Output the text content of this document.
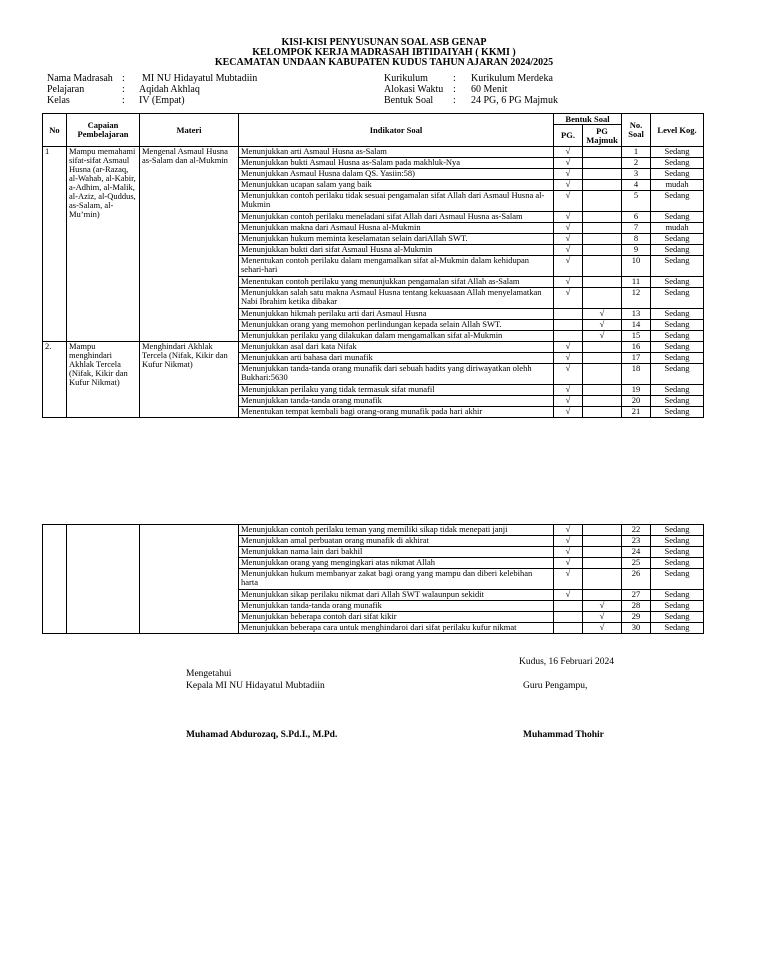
KISI-KISI PENYUSUNAN SOAL ASB GENAP
KELOMPOK KERJA MADRASAH IBTIDAIYAH ( KKMI )
KECAMATAN UNDAAN KABUPATEN KUDUS TAHUN AJARAN 2024/2025
Nama Madrasah : MI NU Hidayatul Mubtadiin
Pelajaran	: Aqidah Akhlaq
Kelas	: IV (Empat)
Kurikulum	: Kurikulum Merdeka
Alokasi Waktu : 60 Menit
Bentuk Soal : 24 PG, 6 PG Majmuk
No	Capaian Pembelajaran	Materi	Indikator Soal	Bentuk Soal		No. Soal	Level Kog.
				PG.	PG Majmuk		
1	Mampu memahami sifat-sifat Asmaul Husna (ar-Razaq, al-Wahab, al-Kabir, a-Adhim, al-Malik, al-Aziz, al-Quddus, as-Salam, al-Mu’min)	Mengenal Asmaul Husna as-Salam dan al-Mukmin	Menunjukkan arti Asmaul Husna as-Salam	√		1	Sedang
			Menunjukkan bukti Asmaul Husna as-Salam pada makhluk-Nya	√		2	Sedang
			Menunjukkan Asmaul Husna dalam QS. Yasiin:58)	√		3	Sedang
			Menunjukkan ucapan salam yang baik	√		4	mudah
			Menunjukkan contoh perilaku tidak sesuai pengamalan sifat Allah dari Asmaul Husna al-Mukmin	√		5	Sedang
			Menunjukkan contoh perilaku meneladani sifat Allah dari Asmaul Husna as-Salam	√		6	Sedang
			Menunjukkan makna dari Asmaul Husna al-Mukmin	√		7	mudah
			Menunjukkan hukum meminta keselamatan selain dariAllah SWT.	√		8	Sedang
			Menunjukkan bukti dari sifat Asmaul Husna al-Mukmin	√		9	Sedang
			Menentukan contoh perilaku dalam mengamalkan sifat al-Mukmin dalam kehidupan sehari-hari	√		10	Sedang
			Menentukan contoh perilaku yang menunjukkan pengamalan sifat Allah as-Salam	√		11	Sedang
			Menunjukkan salah satu makna Asmaul Husna tentang kekuasaan Allah menyelamatkan Nabi Ibrahim ketika dibakar	√		12	Sedang
			Menunjukkan hikmah perilaku arti dari Asmaul Husna		√	13	Sedang
			Menunjukkan orang yang memohon perlindungan kepada selain Allah SWT.		√	14	Sedang
			Menunjukkan perilaku yang dilakukan dalam mengamalkan sifat al-Mukmin		√	15	Sedang
2.	Mampu menghindari Akhlak Tercela (Nifak, Kikir dan Kufur Nikmat)	Menghindari Akhlak Tercela (Nifak, Kikir dan Kufur Nikmat)	Menunjukkan asal dari kata Nifak	√		16	Sedang
			Menunjukkan arti bahasa dari munafik	√		17	Sedang
			Menunjukkan tanda-tanda orang munafik dari sebuah hadits yang diriwayatkan olehh Bukhari:5630	√		18	Sedang
			Menunjukkan perilaku yang tidak termasuk sifat munafil	√		19	Sedang
			Menunjukkan tanda-tanda orang munafik	√		20	Sedang
			Menentukan tempat kembali bagi orang-orang munafik pada hari akhir	√		21	Sedang
			Menunjukkan contoh perilaku teman yang memiliki sikap tidak menepati janji	√		22	Sedang
			Menunjukkan amal perbuatan orang munafik di akhirat	√		23	Sedang
			Menunjukkan nama lain dari bakhil	√		24	Sedang
			Menunjukkan orang yang mengingkari atas nikmat Allah	√		25	Sedang
			Menunjukkan hukum membanyar zakat bagi orang yang mampu dan diberi kelebihan harta	√		26	Sedang
			Menunjukkan sikap perilaku nikmat dari Allah SWT walaunpun sekidit	√		27	Sedang
			Menunjukkan tanda-tanda orang munafik		√	28	Sedang
			Menunjukkan beberapa contoh dari sifat kikir		√	29	Sedang
			Menunjukkan beberapa cara untuk menghindaroi dari sifat perilaku kufur nikmat		√	30	Sedang
Kudus, 16 Februari 2024
Mengetahui
Kepala MI NU Hidayatul Mubtadiin	Guru Pengampu,
Muhamad Abdurozaq, S.Pd.I., M.Pd.	Muhammad Thohir
